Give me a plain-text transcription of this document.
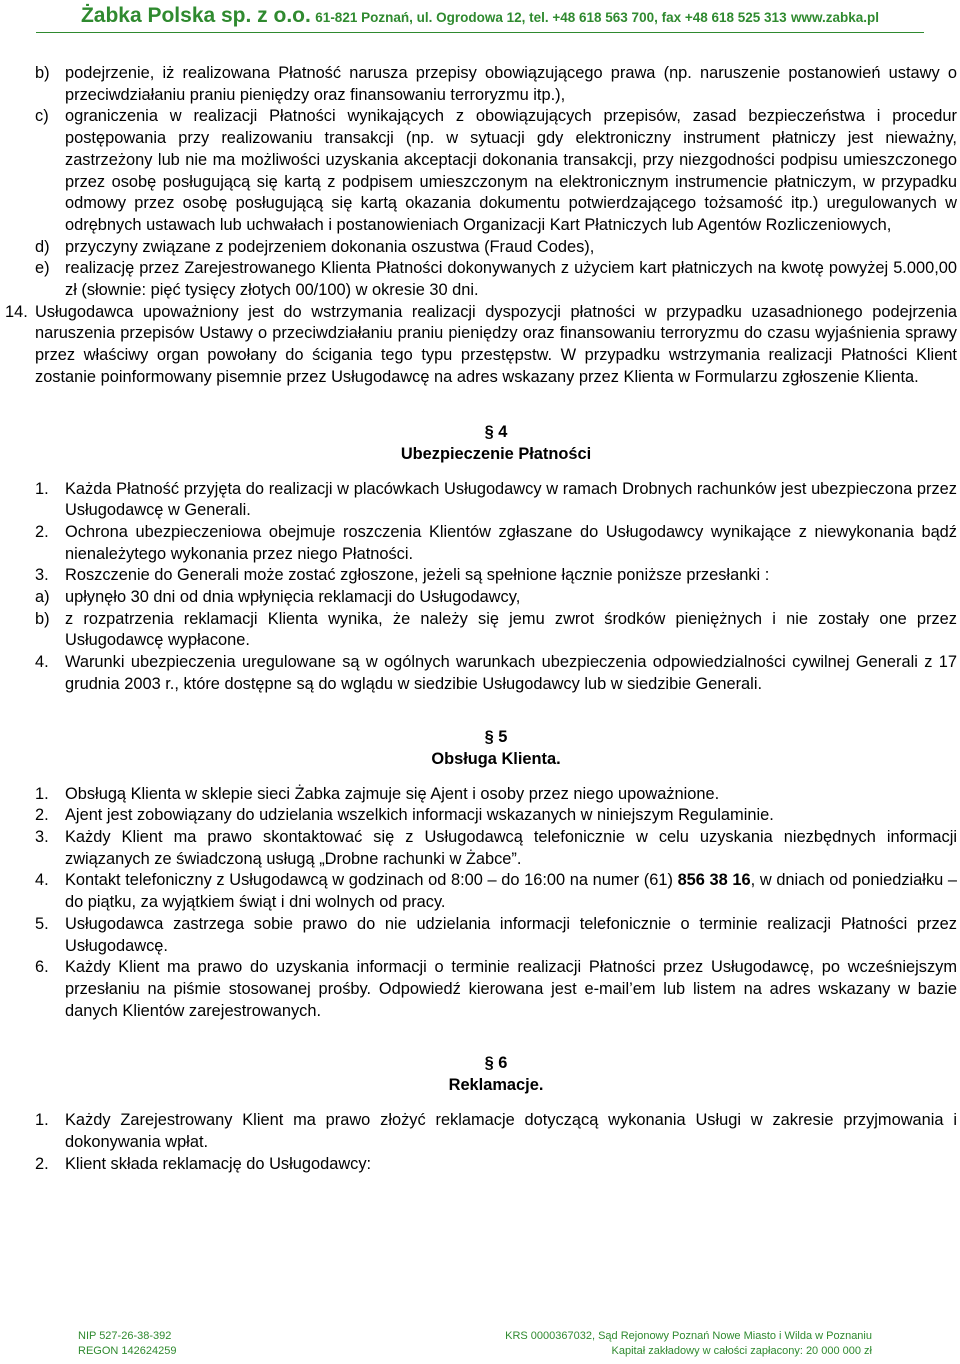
Żabka Polska sp. z o.o. 61-821 Poznań, ul. Ogrodowa 12, tel. +48 618 563 700, fax +48 618 525 313 www.zabka.pl
b) podejrzenie, iż realizowana Płatność narusza przepisy obowiązującego prawa (np. naruszenie postanowień ustawy o przeciwdziałaniu praniu pieniędzy oraz finansowaniu terroryzmu itp.),
c) ograniczenia w realizacji Płatności wynikających z obowiązujących przepisów, zasad bezpieczeństwa i procedur postępowania przy realizowaniu transakcji (np. w sytuacji gdy elektroniczny instrument płatniczy jest nieważny, zastrzeżony lub nie ma możliwości uzyskania akceptacji dokonania transakcji, przy niezgodności podpisu umieszczonego przez osobę posługującą się kartą z podpisem umieszczonym na elektronicznym instrumencie płatniczym, w przypadku odmowy przez osobę posługującą się kartą okazania dokumentu potwierdzającego tożsamość itp.) uregulowanych w odrębnych ustawach lub uchwałach i postanowieniach Organizacji Kart Płatniczych lub Agentów Rozliczeniowych,
d) przyczyny związane z podejrzeniem dokonania oszustwa (Fraud Codes),
e) realizację przez Zarejestrowanego Klienta Płatności dokonywanych z użyciem kart płatniczych na kwotę powyżej 5.000,00 zł (słownie: pięć tysięcy złotych 00/100) w okresie 30 dni.
14. Usługodawca upoważniony jest do wstrzymania realizacji dyspozycji płatności w przypadku uzasadnionego podejrzenia naruszenia przepisów Ustawy o przeciwdziałaniu praniu pieniędzy oraz finansowaniu terroryzmu do czasu wyjaśnienia sprawy przez właściwy organ powołany do ścigania tego typu przestępstw. W przypadku wstrzymania realizacji Płatności Klient zostanie poinformowany pisemnie przez Usługodawcę na adres wskazany przez Klienta w Formularzu zgłoszenie Klienta.
§ 4
Ubezpieczenie Płatności
1. Każda Płatność przyjęta do realizacji w placówkach Usługodawcy w ramach Drobnych rachunków jest ubezpieczona przez Usługodawcę w Generali.
2. Ochrona ubezpieczeniowa obejmuje roszczenia Klientów zgłaszane do Usługodawcy wynikające z niewykonania bądź nienależytego wykonania przez niego Płatności.
3. Roszczenie do Generali może zostać zgłoszone, jeżeli są spełnione łącznie poniższe przesłanki :
a) upłynęło 30 dni od dnia wpłynięcia reklamacji do Usługodawcy,
b) z rozpatrzenia reklamacji Klienta wynika, że należy się jemu zwrot środków pieniężnych i nie zostały one przez Usługodawcę wypłacone.
4. Warunki ubezpieczenia uregulowane są w ogólnych warunkach ubezpieczenia odpowiedzialności cywilnej Generali z 17 grudnia 2003 r., które dostępne są do wglądu w siedzibie Usługodawcy lub w siedzibie Generali.
§ 5
Obsługa Klienta.
1. Obsługą Klienta w sklepie sieci Żabka zajmuje się Ajent i osoby przez niego upoważnione.
2. Ajent jest zobowiązany do udzielania wszelkich informacji wskazanych w niniejszym Regulaminie.
3. Każdy Klient ma prawo skontaktować się z Usługodawcą telefonicznie w celu uzyskania niezbędnych informacji związanych ze świadczoną usługą „Drobne rachunki w Żabce”.
4. Kontakt telefoniczny z Usługodawcą w godzinach od 8:00 – do 16:00 na numer (61) 856 38 16, w dniach od poniedziałku – do piątku, za wyjątkiem świąt i dni wolnych od pracy.
5. Usługodawca zastrzega sobie prawo do nie udzielania informacji telefonicznie o terminie realizacji Płatności przez Usługodawcę.
6. Każdy Klient ma prawo do uzyskania informacji o terminie realizacji Płatności przez Usługodawcę, po wcześniejszym przesłaniu na piśmie stosowanej prośby. Odpowiedź kierowana jest e-mail’em lub listem na adres wskazany w bazie danych Klientów zarejestrowanych.
§ 6
Reklamacje.
1. Każdy Zarejestrowany Klient ma prawo złożyć reklamacje dotyczącą wykonania Usługi w zakresie przyjmowania i dokonywania wpłat.
2. Klient składa reklamację do Usługodawcy:
NIP 527-26-38-392
REGON 142624259
KRS 0000367032, Sąd Rejonowy Poznań Nowe Miasto i Wilda w Poznaniu
Kapitał zakładowy w całości zapłacony: 20 000 000 zł
